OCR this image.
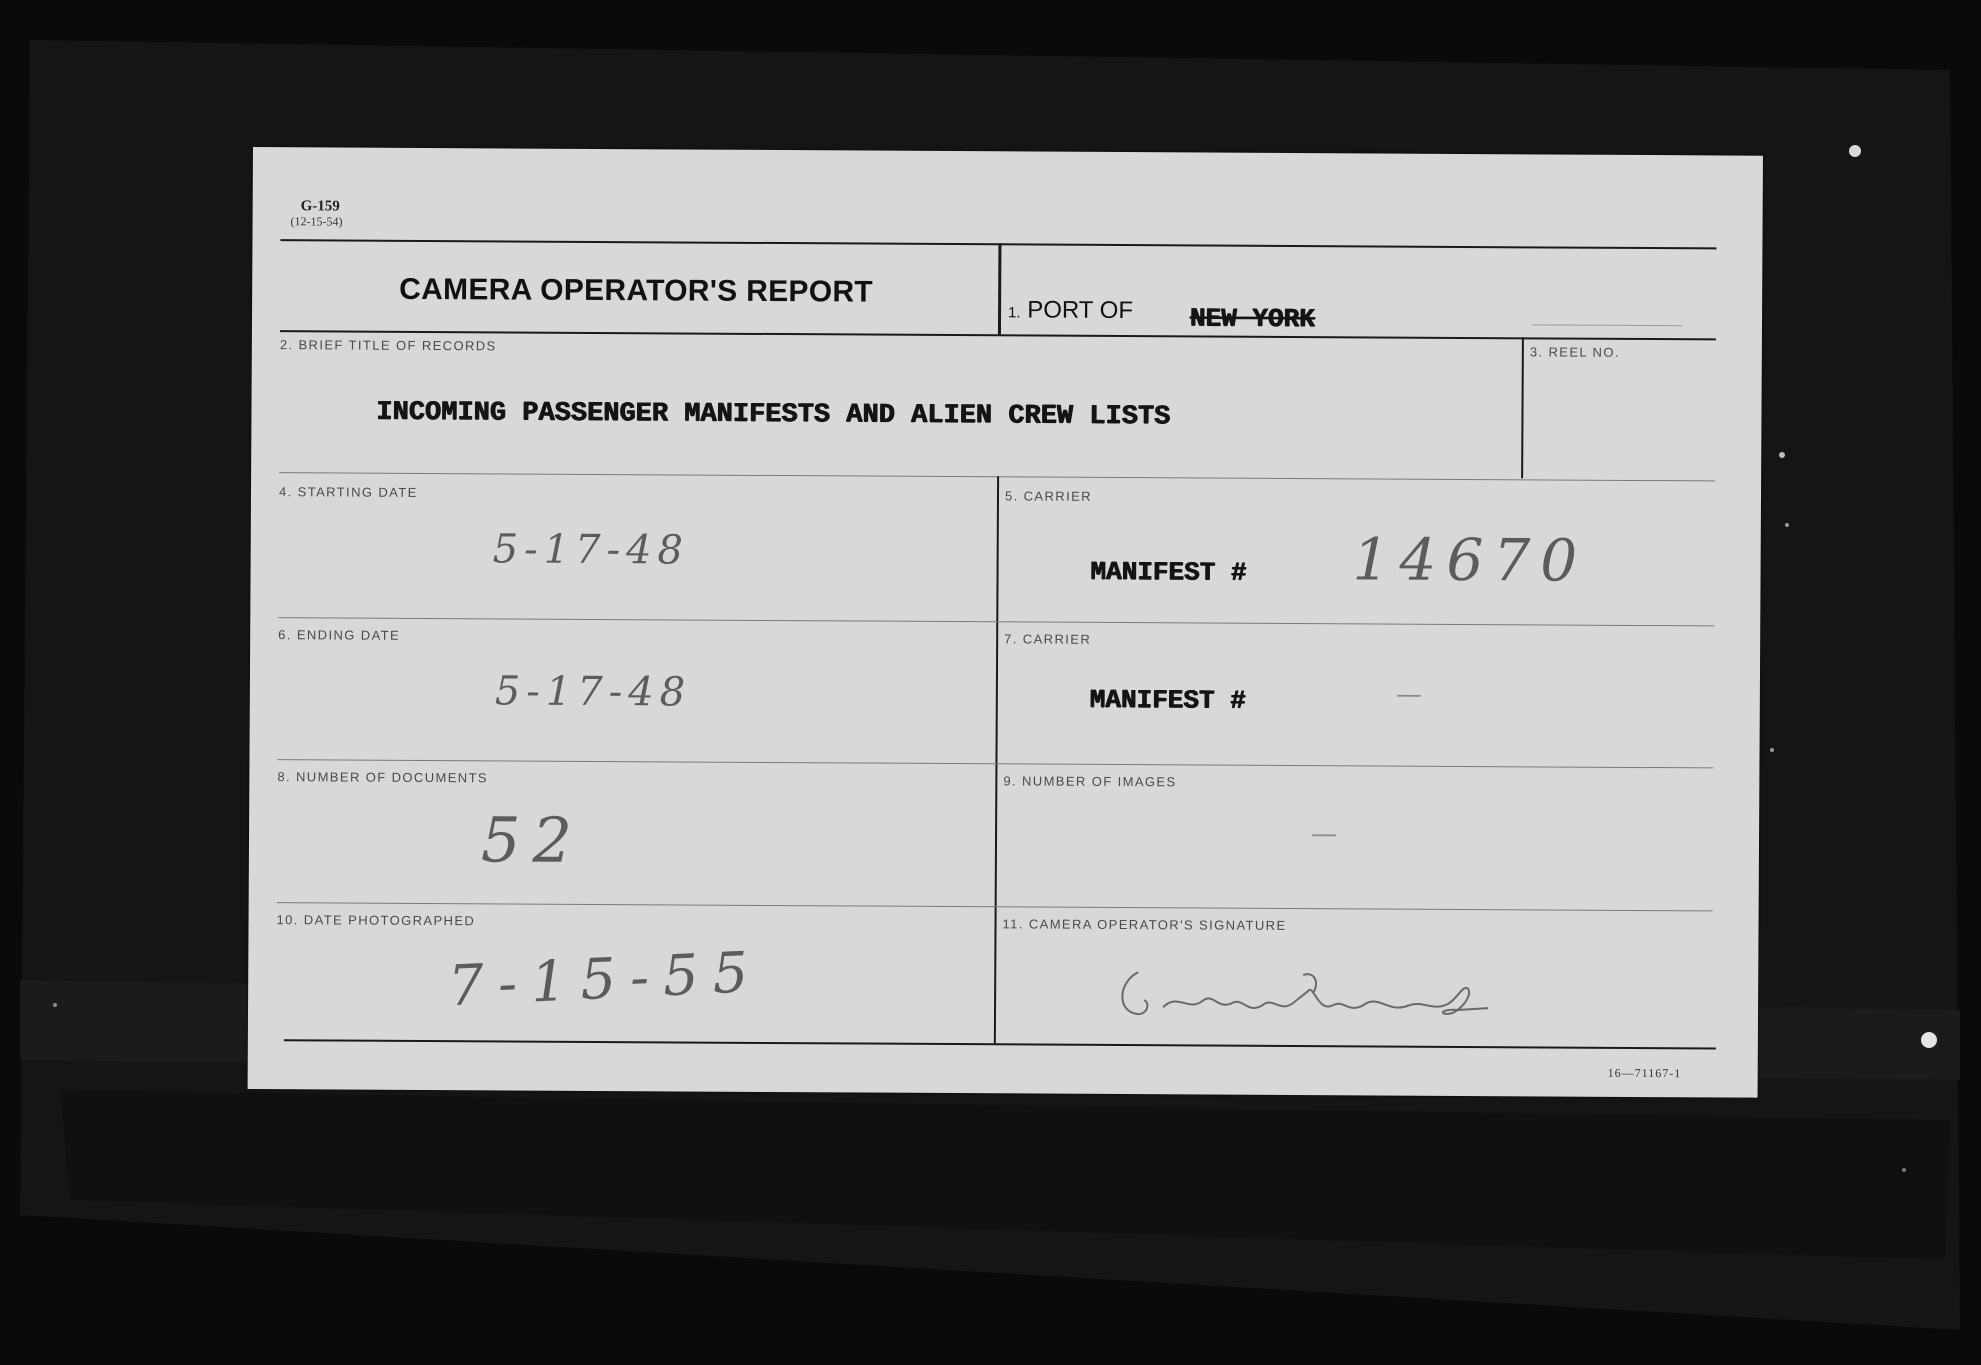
G-159
(12-15-54)
CAMERA OPERATOR'S REPORT
1. PORT OF NEW YORK
2. BRIEF TITLE OF RECORDS
INCOMING PASSENGER MANIFESTS AND ALIEN CREW LISTS
3. REEL NO.
4. STARTING DATE
5-17-48
5. CARRIER
MANIFEST # 14670
6. ENDING DATE
5-17-48
7. CARRIER
MANIFEST #	—
8. NUMBER OF DOCUMENTS
52
9. NUMBER OF IMAGES
—
10. DATE PHOTOGRAPHED
7-15-55
11. CAMERA OPERATOR'S SIGNATURE
16—71167-1
